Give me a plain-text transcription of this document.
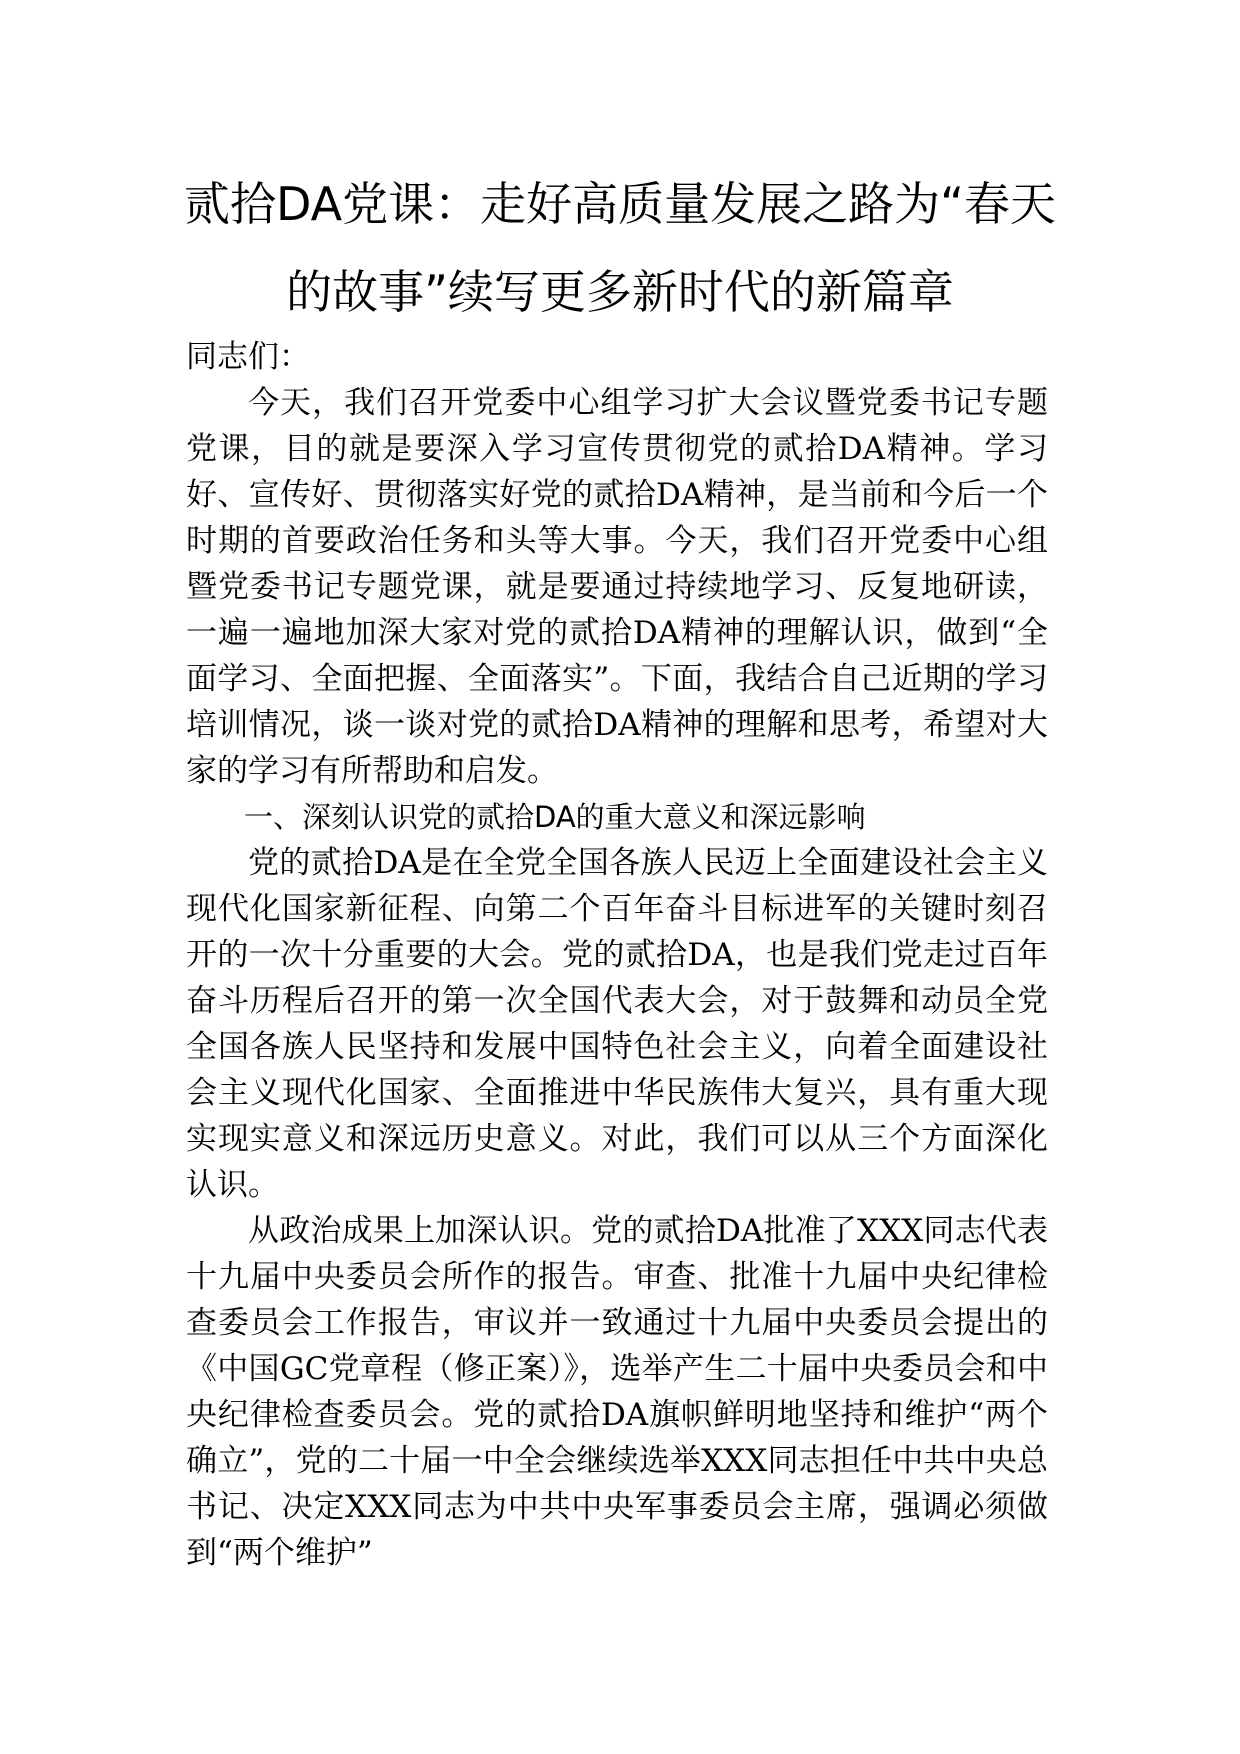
贰拾DA党课：走好高质量发展之路为“春天的故事”续写更多新时代的新篇章

同志们：

今天，我们召开党委中心组学习扩大会议暨党委书记专题党课，目的就是要深入学习宣传贯彻党的贰拾DA精神。学习好、宣传好、贯彻落实好党的贰拾DA精神，是当前和今后一个时期的首要政治任务和头等大事。今天，我们召开党委中心组暨党委书记专题党课，就是要通过持续地学习、反复地研读，一遍一遍地加深大家对党的贰拾DA精神的理解认识，做到“全面学习、全面把握、全面落实”。下面，我结合自己近期的学习培训情况，谈一谈对党的贰拾DA精神的理解和思考，希望对大家的学习有所帮助和启发。

一、深刻认识党的贰拾DA的重大意义和深远影响

党的贰拾DA是在全党全国各族人民迈上全面建设社会主义现代化国家新征程、向第二个百年奋斗目标进军的关键时刻召开的一次十分重要的大会。党的贰拾DA，也是我们党走过百年奋斗历程后召开的第一次全国代表大会，对于鼓舞和动员全党全国各族人民坚持和发展中国特色社会主义，向着全面建设社会主义现代化国家、全面推进中华民族伟大复兴，具有重大现实现实意义和深远历史意义。对此，我们可以从三个方面深化认识。

从政治成果上加深认识。党的贰拾DA批准了XXX同志代表十九届中央委员会所作的报告。审查、批准十九届中央纪律检查委员会工作报告，审议并一致通过十九届中央委员会提出的《中国GC党章程（修正案）》，选举产生二十届中央委员会和中央纪律检查委员会。党的贰拾DA旗帜鲜明地坚持和维护“两个确立”，党的二十届一中全会继续选举XXX同志担任中共中央总书记、决定XXX同志为中共中央军事委员会主席，强调必须做到“两个维护”
